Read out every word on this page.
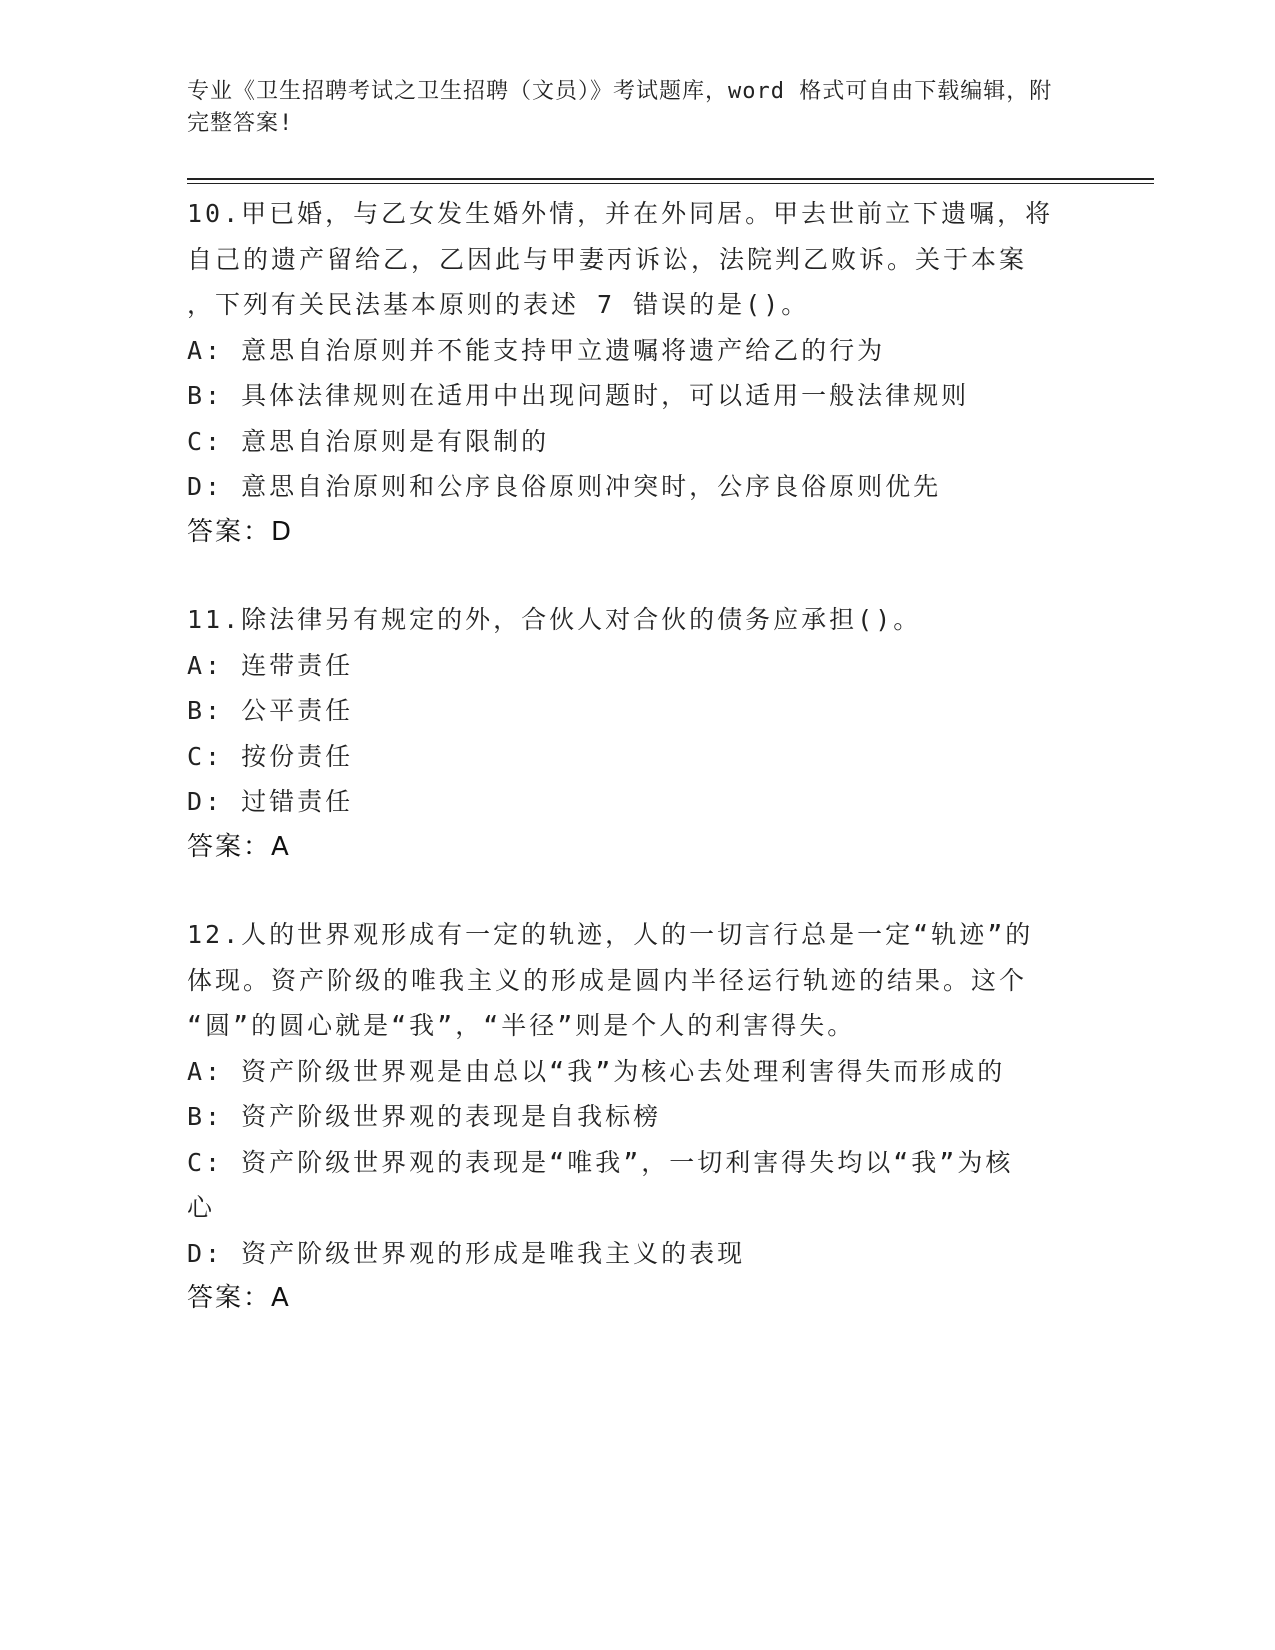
专业《卫生招聘考试之卫生招聘（文员）》考试题库，word 格式可自由下载编辑，附完整答案!

10.甲已婚，与乙女发生婚外情，并在外同居。甲去世前立下遗嘱，将

自己的遗产留给乙，乙因此与甲妻丙诉讼，法院判乙败诉。关于本案

，下列有关民法基本原则的表述 7 错误的是()。

A: 意思自治原则并不能支持甲立遗嘱将遗产给乙的行为

B: 具体法律规则在适用中出现问题时，可以适用一般法律规则

C: 意思自治原则是有限制的

D: 意思自治原则和公序良俗原则冲突时，公序良俗原则优先

答案：D

11.除法律另有规定的外，合伙人对合伙的债务应承担()。

A: 连带责任

B: 公平责任

C: 按份责任

D: 过错责任

答案：A

12.人的世界观形成有一定的轨迹，人的一切言行总是一定“轨迹”的

体现。资产阶级的唯我主义的形成是圆内半径运行轨迹的结果。这个

“圆”的圆心就是“我”，“半径”则是个人的利害得失。

A: 资产阶级世界观是由总以“我”为核心去处理利害得失而形成的

B: 资产阶级世界观的表现是自我标榜

C: 资产阶级世界观的表现是“唯我”，一切利害得失均以“我”为核

心

D: 资产阶级世界观的形成是唯我主义的表现

答案：A
